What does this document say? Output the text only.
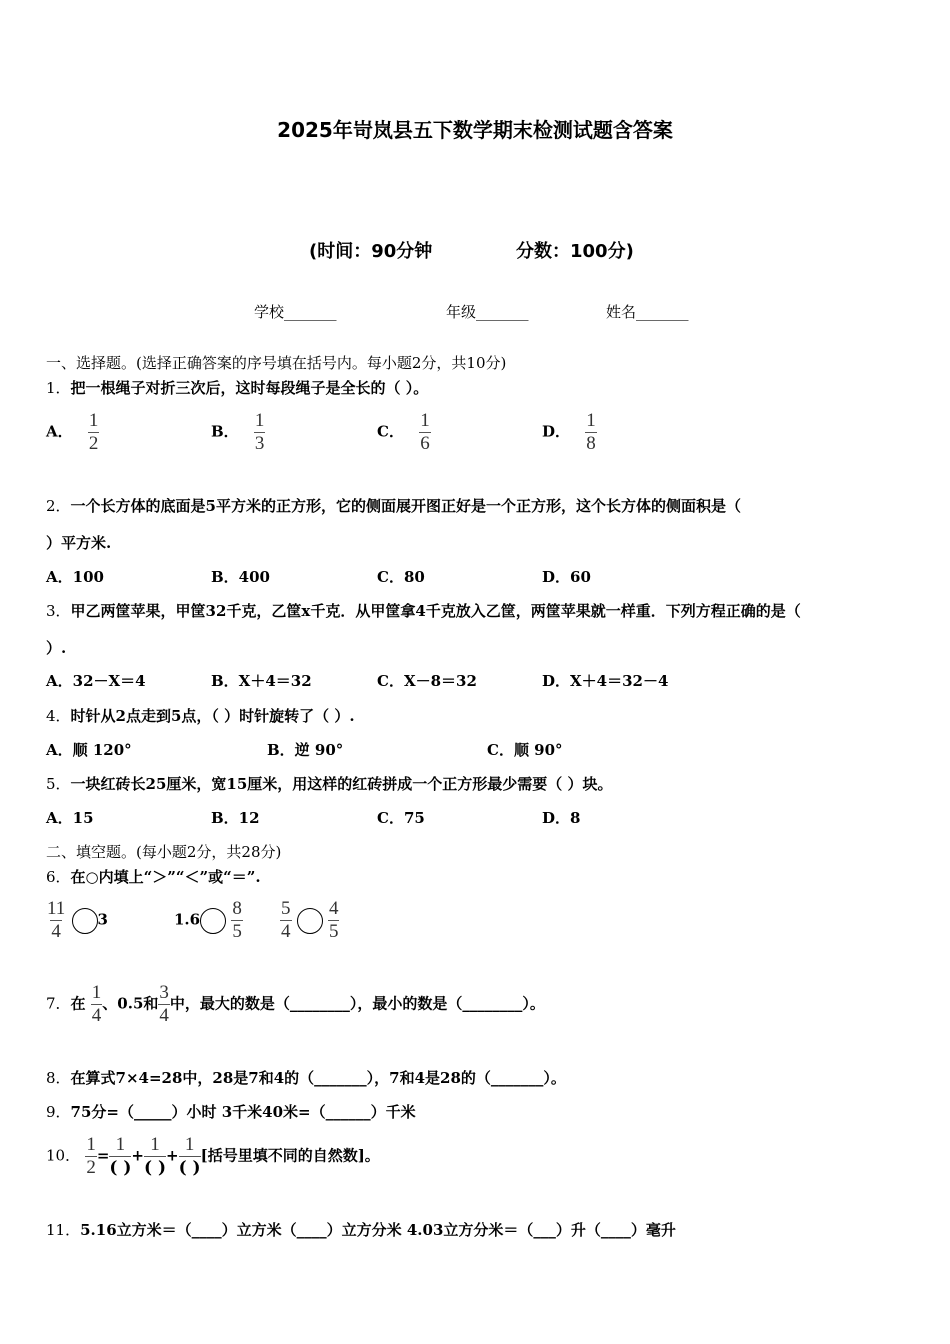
2025年岢岚县五下数学期末检测试题含答案
(时间：90分钟	分数：100分)
学校_______	年级_______	姓名_______
一、选择题。(选择正确答案的序号填在括号内。每小题2分，共10分)
1．把一根绳子对折三次后，这时每段绳子是全长的（ ）。
A． $\frac{1}{2}$	B． $\frac{1}{3}$	C． $\frac{1}{6}$	D． $\frac{1}{8}$
2．一个长方体的底面是5平方米的正方形，它的侧面展开图正好是一个正方形，这个长方体的侧面积是（
）平方米.
A．100	B．400	C．80	D．60
3．甲乙两筐苹果，甲筐32千克，乙筐x千克．从甲筐拿4千克放入乙筐，两筐苹果就一样重．下列方程正确的是（
）.
A．32－X＝4	B．X＋4＝32	C．X－8＝32	D．X＋4＝32－4
4．时针从2点走到5点，（ ）时针旋转了（ ）.
A．顺 120°	B．逆 90°	C．顺 90°
5．一块红砖长25厘米，宽15厘米，用这样的红砖拼成一个正方形最少需要（ ）块。
A．15	B．12	C．75	D．8
二、填空题。(每小题2分，共28分)
6．在○内填上“＞”“＜”或“＝”.
$\frac{11}{4} 3$	$1.6 \frac{8}{5} \frac{5}{4}$
$\frac{4}{5}$
7．在 $\frac{1}{4}$ 、0.5和 $\frac{3}{4}$ 中，最大的数是（________），最小的数是（________）。
8．在算式7×4=28中，28是7和4的（_______），7和4是28的（_______）。
9．75分=（_____）小时 3千米40米=（______）千米
10． $\frac{1}{2}$ =
1
( )
+
1
( )
+
1
( )
[括号里填不同的自然数]。
11．5.16立方米＝（____）立方米（____）立方分米 4.03立方分米＝（___）升（____）毫升
